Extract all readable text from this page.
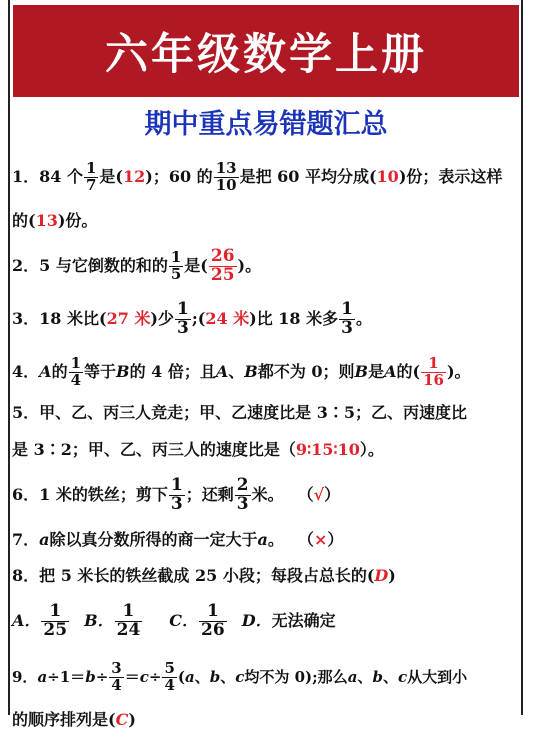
六年级数学上册
期中重点易错题汇总
1． 84 个 $\frac{1}{7}$ 是( 12 )；60 的 $\frac{13}{10}$ 是把 60 平均分成( 10 )份；表示这样
的( 13 )份。
2． 5 与它倒数的和的 $\frac{1}{5}$ 是( $\frac{26}{25}$ )。
3． 18 米比( 27 米 )少 $\frac{1}{3}$ ;( 24 米 )比 18 米多 $\frac{1}{3}$ 。
4． A 的 $\frac{1}{4}$ 等于 B 的 4 倍；且 A 、 B 都不为 0；则 B 是 A 的( $\frac{1}{16}$ )。
5． 甲、乙、丙三人竞走；甲、乙速度比是 3∶5；乙、丙速度比
是 3∶2；甲、乙、丙三人的速度比是（ 9∶15∶10 ）。
6． 1 米的铁丝；剪下 $\frac{1}{3}$ ；还剩 $\frac{2}{3}$ 米。 （ √ ）
7． a 除以真分数所得的商一定大于 a 。 （ × ）
8． 把 5 米长的铁丝截成 25 小段；每段占总长的( D )
A． $\frac{1}{25}$ B． $\frac{1}{24}$ C． $\frac{1}{26}$ D． 无法确定
9． $a \div 1= b \div \frac{3}{4} = c \div \frac{5}{4}$ ( a 、 b 、 c 均不为 0);那么 a 、 b 、 c 从大到小
的顺序排列是( C )
